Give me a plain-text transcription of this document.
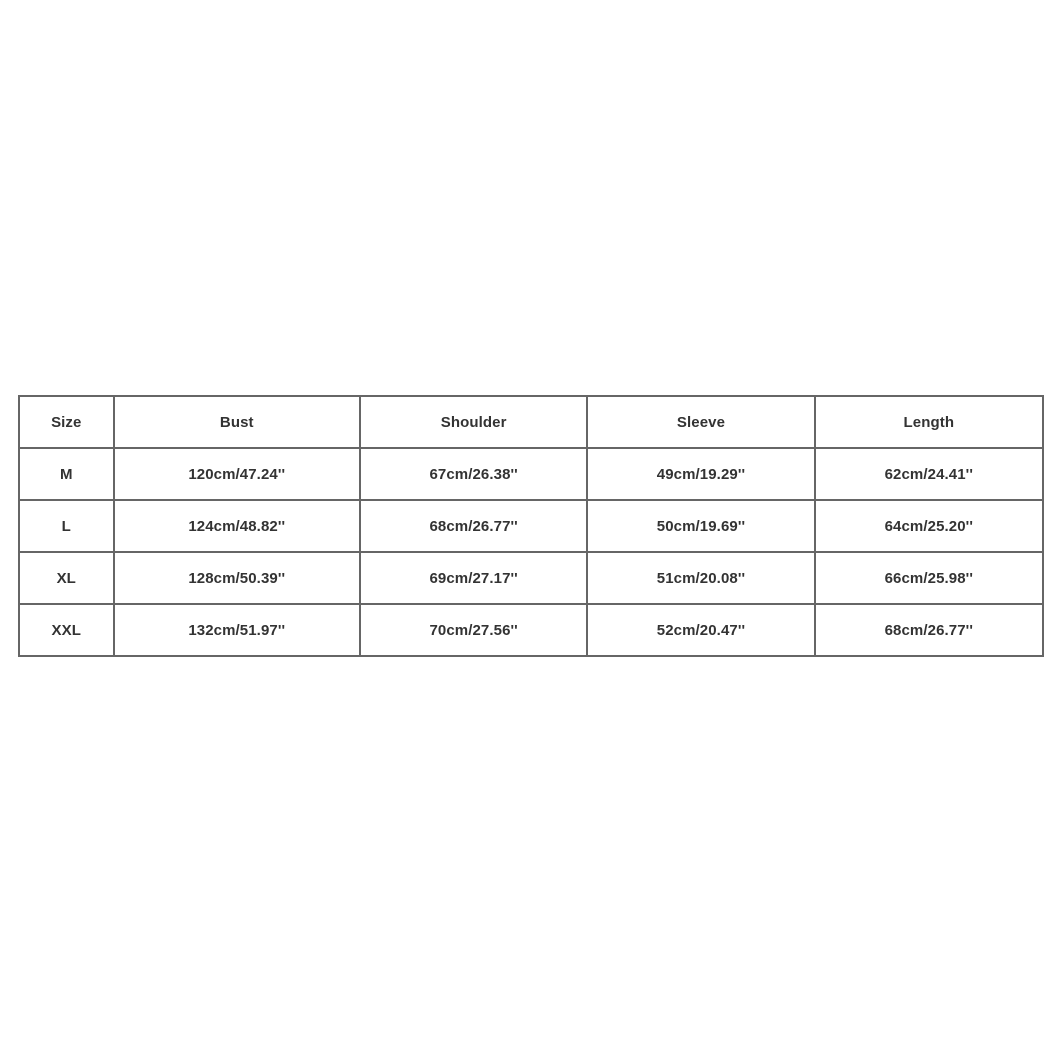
Size	Bust	Shoulder	Sleeve	Length
M	120cm/47.24''	67cm/26.38''	49cm/19.29''	62cm/24.41''
L	124cm/48.82''	68cm/26.77''	50cm/19.69''	64cm/25.20''
XL	128cm/50.39''	69cm/27.17''	51cm/20.08''	66cm/25.98''
XXL	132cm/51.97''	70cm/27.56''	52cm/20.47''	68cm/26.77''
